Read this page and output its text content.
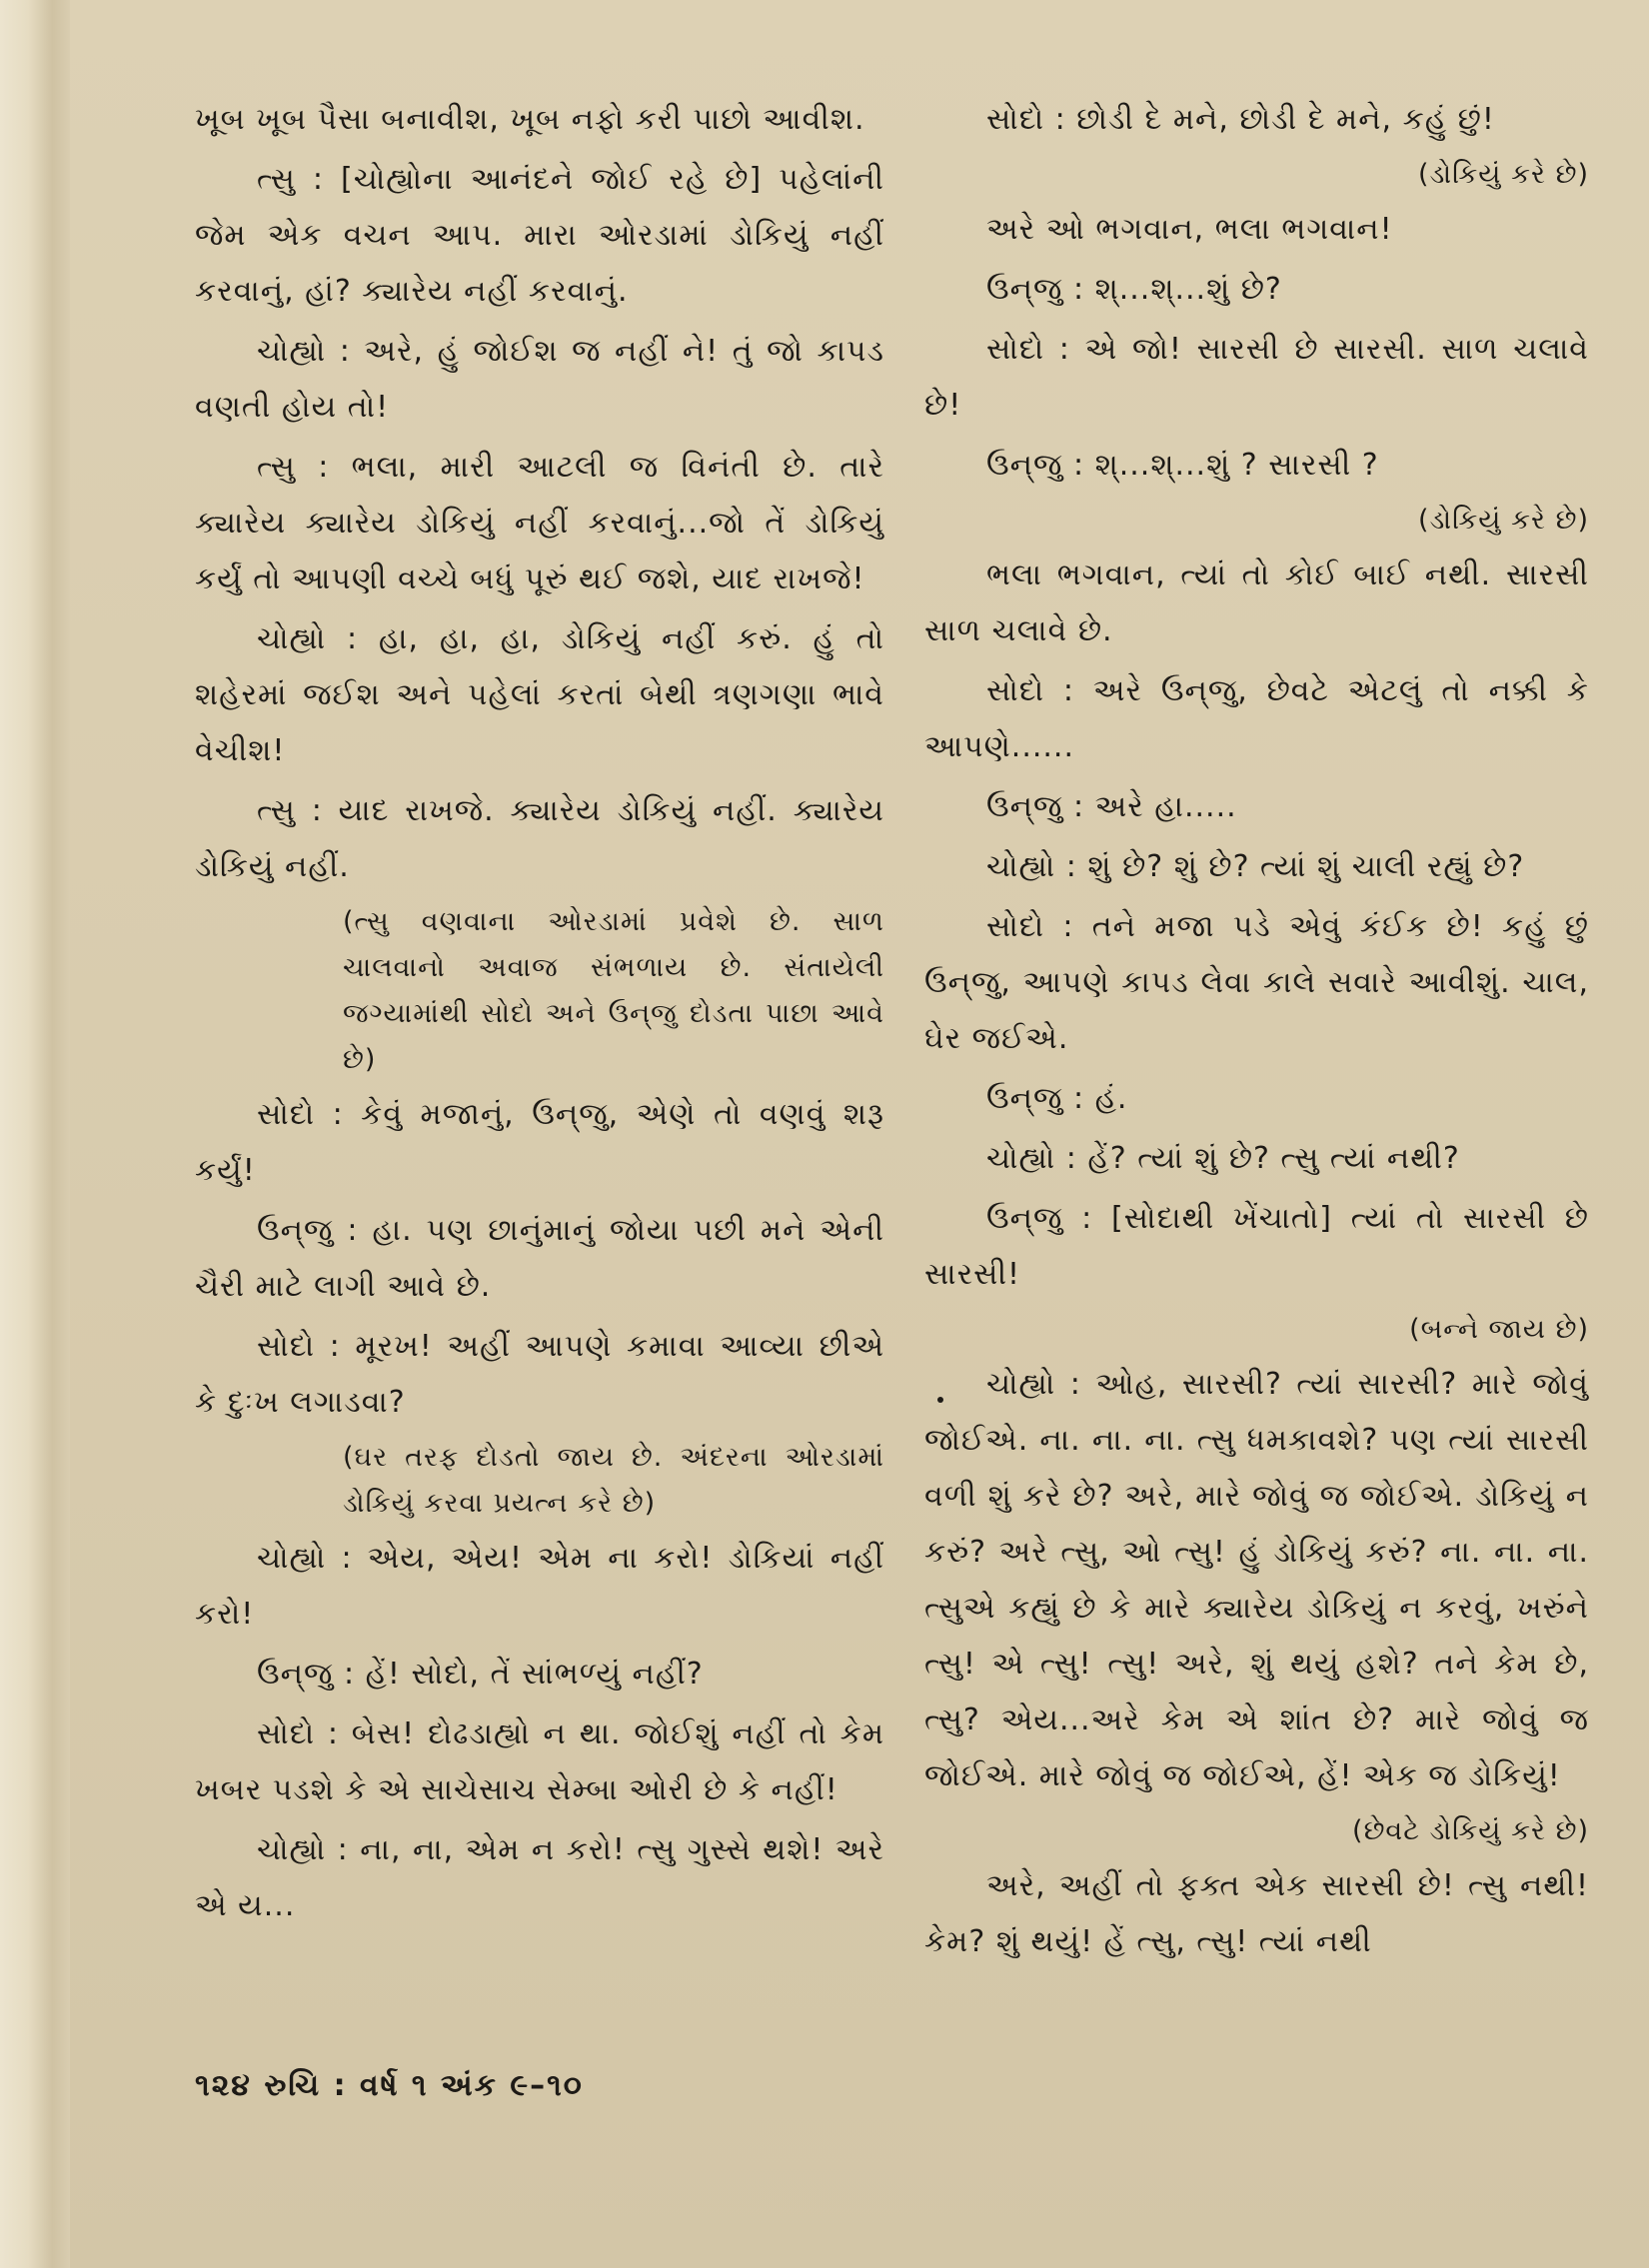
ખૂબ ખૂબ પૈસા બનાવીશ, ખૂબ નફો કરી પાછો આવીશ.

ત્સુ : [ચોહ્યોના આનંદને જોઈ રહે છે] પહેલાંની જેમ એક વચન આપ. મારા ઓરડામાં ડોકિયું નહીં કરવાનું, હાં? ક્યારેય નહીં કરવાનું.

ચોહ્યો : અરે, હું જોઈશ જ નહીં ને! તું જો કાપડ વણતી હોય તો!

ત્સુ : ભલા, મારી આટલી જ વિનંતી છે. તારે ક્યારેય ક્યારેય ડોકિયું નહીં કરવાનું...જો તેં ડોકિયું કર્યું તો આપણી વચ્ચે બધું પૂરું થઈ જશે, યાદ રાખજે!

ચોહ્યો : હા, હા, હા, ડોકિયું નહીં કરું. હું તો શહેરમાં જઈશ અને પહેલાં કરતાં બેથી ત્રણગણા ભાવે વેચીશ!

ત્સુ : યાદ રાખજે. ક્યારેય ડોકિયું નહીં. ક્યારેય ડોકિયું નહીં.

(ત્સુ વણવાના ઓરડામાં પ્રવેશે છે. સાળ ચાલવાનો અવાજ સંભળાય છે. સંતાયેલી જગ્યામાંથી સોદો અને ઉન્‌જુ દોડતા પાછા આવે છે)

સોદો : કેવું મજાનું, ઉન્‌જુ, એણે તો વણવું શરૂ કર્યું!

ઉન્‌જુ : હા. પણ છાનુંમાનું જોયા પછી મને એની ચૈરી માટે લાગી આવે છે.

સોદો : મૂરખ! અહીં આપણે કમાવા આવ્યા છીએ કે દુઃખ લગાડવા?

(ઘર તરફ દોડતો જાય છે. અંદરના ઓરડામાં ડોકિયું કરવા પ્રયત્ન કરે છે)

ચોહ્યો : એય, એય! એમ ના કરો! ડોકિયાં નહીં કરો!

ઉન્‌જુ : હેં! સોદો, તેં સાંભળ્યું નહીં?

સોદો : બેસ! દોઢડાહ્યો ન થા. જોઈશું નહીં તો કેમ ખબર પડશે કે એ સાચેસાચ સેમ્બા ઓરી છે કે નહીં!

ચોહ્યો : ના, ના, એમ ન કરો! ત્સુ ગુસ્સે થશે! અરે એ ય...

સોદો : છોડી દે મને, છોડી દે મને, કહું છું!

(ડોકિયું કરે છે)

અરે ઓ ભગવાન, ભલા ભગવાન!

ઉન્‌જુ : શ્...શ્...શું છે?

સોદો : એ જો! સારસી છે સારસી. સાળ ચલાવે છે!

ઉન્‌જુ : શ્...શ્...શું ? સારસી ?

(ડોકિયું કરે છે)

ભલા ભગવાન, ત્યાં તો કોઈ બાઈ નથી. સારસી સાળ ચલાવે છે.

સોદો : અરે ઉન્‌જુ, છેવટે એટલું તો નક્કી કે આપણે......

ઉન્‌જુ : અરે હા.....

ચોહ્યો : શું છે? શું છે? ત્યાં શું ચાલી રહ્યું છે?

સોદો : તને મજા પડે એવું કંઈક છે! કહું છું ઉન્‌જુ, આપણે કાપડ લેવા કાલે સવારે આવીશું. ચાલ, ઘેર જઈએ.

ઉન્‌જુ : હં.

ચોહ્યો : હેં? ત્યાં શું છે? ત્સુ ત્યાં નથી?

ઉન્‌જુ : [સોદાથી ખેંચાતો] ત્યાં તો સારસી છે સારસી!

(બન્ને જાય છે)

ચોહ્યો : ઓહ, સારસી? ત્યાં સારસી? મારે જોવું જોઈએ. ના. ના. ના. ત્સુ ધમકાવશે? પણ ત્યાં સારસી વળી શું કરે છે? અરે, મારે જોવું જ જોઈએ. ડોકિયું ન કરું? અરે ત્સુ, ઓ ત્સુ! હું ડોકિયું કરું? ના. ના. ના. ત્સુએ કહ્યું છે કે મારે ક્યારેય ડોકિયું ન કરવું, ખરુંને ત્સુ! એ ત્સુ! ત્સુ! અરે, શું થયું હશે? તને કેમ છે, ત્સુ? એય...અરે કેમ એ શાંત છે? મારે જોવું જ જોઈએ. મારે જોવું જ જોઈએ, હેં! એક જ ડોકિયું!

(છેવટે ડોકિયું કરે છે)

અરે, અહીં તો ફક્ત એક સારસી છે! ત્સુ નથી! કેમ? શું થયું! હેં ત્સુ, ત્સુ! ત્યાં નથી

૧૨૪ રુચિ : વર્ષ ૧ અંક ૯–૧૦
